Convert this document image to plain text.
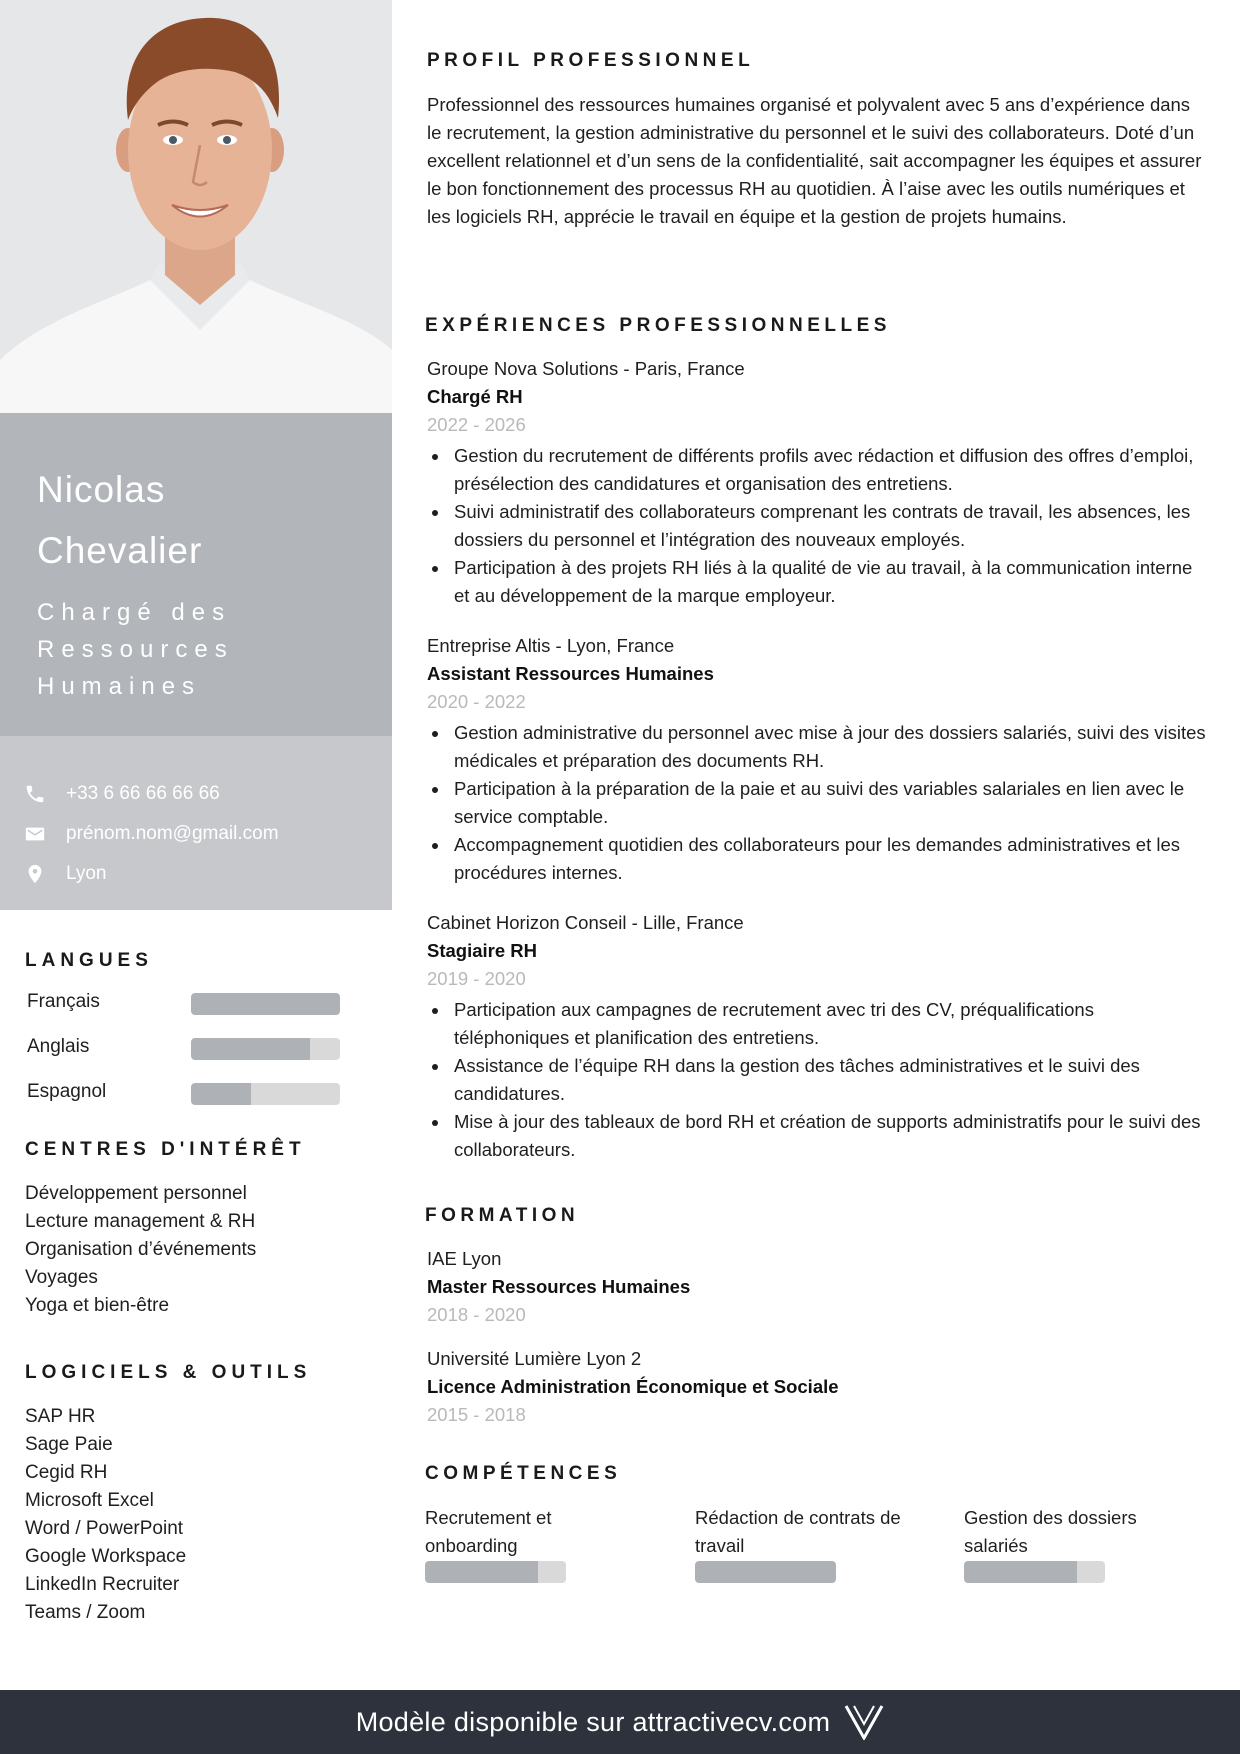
Nicolas
Chevalier
Chargé des
Ressources
Humaines
+33 6 66 66 66 66
prénom.nom@gmail.com
Lyon
LANGUES
Français
Anglais
Espagnol
CENTRES D'INTÉRÊT
Développement personnel
Lecture management & RH
Organisation d’événements
Voyages
Yoga et bien-être
LOGICIELS & OUTILS
SAP HR
Sage Paie
Cegid RH
Microsoft Excel
Word / PowerPoint
Google Workspace
LinkedIn Recruiter
Teams / Zoom
PROFIL PROFESSIONNEL

Professionnel des ressources humaines organisé et polyvalent avec 5 ans d’expérience dans le recrutement, la gestion administrative du personnel et le suivi des collaborateurs. Doté d’un excellent relationnel et d’un sens de la confidentialité, sait accompagner les équipes et assurer le bon fonctionnement des processus RH au quotidien. À l’aise avec les outils numériques et les logiciels RH, apprécie le travail en équipe et la gestion de projets humains.

EXPÉRIENCES PROFESSIONNELLES
Groupe Nova Solutions - Paris, France
Chargé RH
2022 - 2026
Gestion du recrutement de différents profils avec rédaction et diffusion des offres d’emploi, présélection des candidatures et organisation des entretiens.
Suivi administratif des collaborateurs comprenant les contrats de travail, les absences, les dossiers du personnel et l’intégration des nouveaux employés.
Participation à des projets RH liés à la qualité de vie au travail, à la communication interne et au développement de la marque employeur.
Entreprise Altis - Lyon, France
Assistant Ressources Humaines
2020 - 2022
Gestion administrative du personnel avec mise à jour des dossiers salariés, suivi des visites médicales et préparation des documents RH.
Participation à la préparation de la paie et au suivi des variables salariales en lien avec le service comptable.
Accompagnement quotidien des collaborateurs pour les demandes administratives et les procédures internes.
Cabinet Horizon Conseil - Lille, France
Stagiaire RH
2019 - 2020
Participation aux campagnes de recrutement avec tri des CV, préqualifications téléphoniques et planification des entretiens.
Assistance de l’équipe RH dans la gestion des tâches administratives et le suivi des candidatures.
Mise à jour des tableaux de bord RH et création de supports administratifs pour le suivi des collaborateurs.
FORMATION
IAE Lyon
Master Ressources Humaines
2018 - 2020
Université Lumière Lyon 2
Licence Administration Économique et Sociale
2015 - 2018
COMPÉTENCES
Recrutement et onboarding
Rédaction de contrats de travail
Gestion des dossiers salariés
Modèle disponible sur attractivecv.com
